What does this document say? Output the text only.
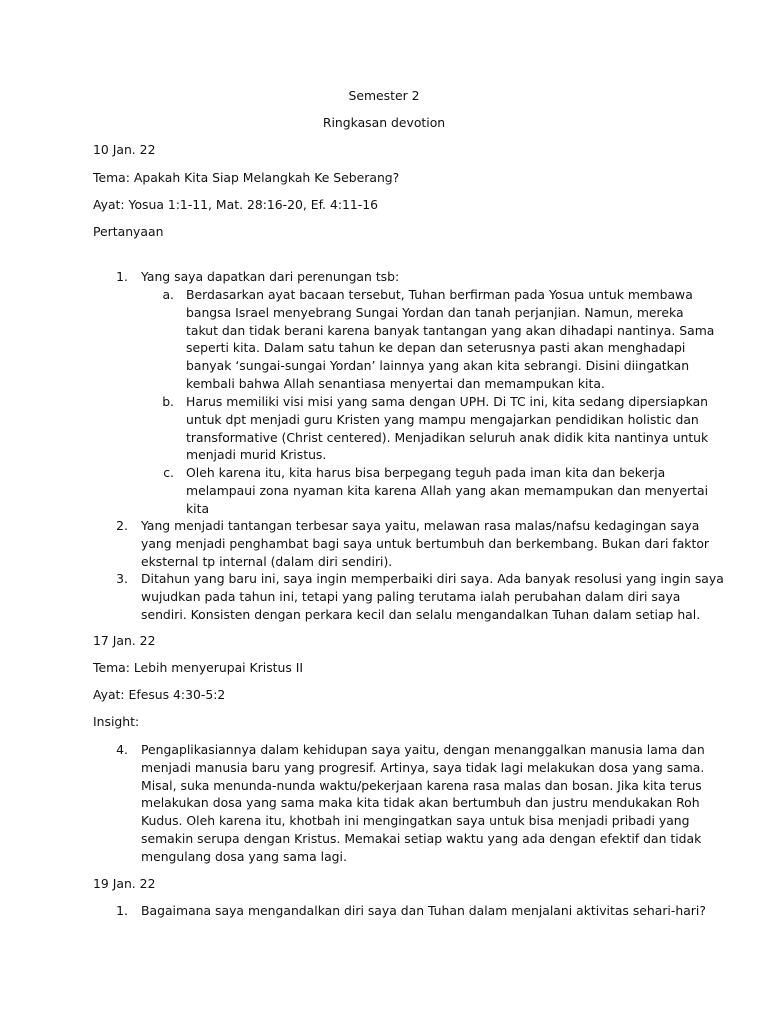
Semester 2
Ringkasan devotion
10 Jan. 22
Tema: Apakah Kita Siap Melangkah Ke Seberang?
Ayat: Yosua 1:1-11, Mat. 28:16-20, Ef. 4:11-16
Pertanyaan
1. Yang saya dapatkan dari perenungan tsb:
a. Berdasarkan ayat bacaan tersebut, Tuhan berfirman pada Yosua untuk membawa
bangsa Israel menyebrang Sungai Yordan dan tanah perjanjian. Namun, mereka
takut dan tidak berani karena banyak tantangan yang akan dihadapi nantinya. Sama
seperti kita. Dalam satu tahun ke depan dan seterusnya pasti akan menghadapi
banyak ‘sungai-sungai Yordan’ lainnya yang akan kita sebrangi. Disini diingatkan
kembali bahwa Allah senantiasa menyertai dan memampukan kita.
b. Harus memiliki visi misi yang sama dengan UPH. Di TC ini, kita sedang dipersiapkan
untuk dpt menjadi guru Kristen yang mampu mengajarkan pendidikan holistic dan
transformative (Christ centered). Menjadikan seluruh anak didik kita nantinya untuk
menjadi murid Kristus.
c. Oleh karena itu, kita harus bisa berpegang teguh pada iman kita dan bekerja
melampaui zona nyaman kita karena Allah yang akan memampukan dan menyertai
kita
2. Yang menjadi tantangan terbesar saya yaitu, melawan rasa malas/nafsu kedagingan saya
yang menjadi penghambat bagi saya untuk bertumbuh dan berkembang. Bukan dari faktor
eksternal tp internal (dalam diri sendiri).
3. Ditahun yang baru ini, saya ingin memperbaiki diri saya. Ada banyak resolusi yang ingin saya
wujudkan pada tahun ini, tetapi yang paling terutama ialah perubahan dalam diri saya
sendiri. Konsisten dengan perkara kecil dan selalu mengandalkan Tuhan dalam setiap hal.
17 Jan. 22
Tema: Lebih menyerupai Kristus II
Ayat: Efesus 4:30-5:2
Insight:
4. Pengaplikasiannya dalam kehidupan saya yaitu, dengan menanggalkan manusia lama dan
menjadi manusia baru yang progresif. Artinya, saya tidak lagi melakukan dosa yang sama.
Misal, suka menunda-nunda waktu/pekerjaan karena rasa malas dan bosan. Jika kita terus
melakukan dosa yang sama maka kita tidak akan bertumbuh dan justru mendukakan Roh
Kudus. Oleh karena itu, khotbah ini mengingatkan saya untuk bisa menjadi pribadi yang
semakin serupa dengan Kristus. Memakai setiap waktu yang ada dengan efektif dan tidak
mengulang dosa yang sama lagi.
19 Jan. 22
1. Bagaimana saya mengandalkan diri saya dan Tuhan dalam menjalani aktivitas sehari-hari?
